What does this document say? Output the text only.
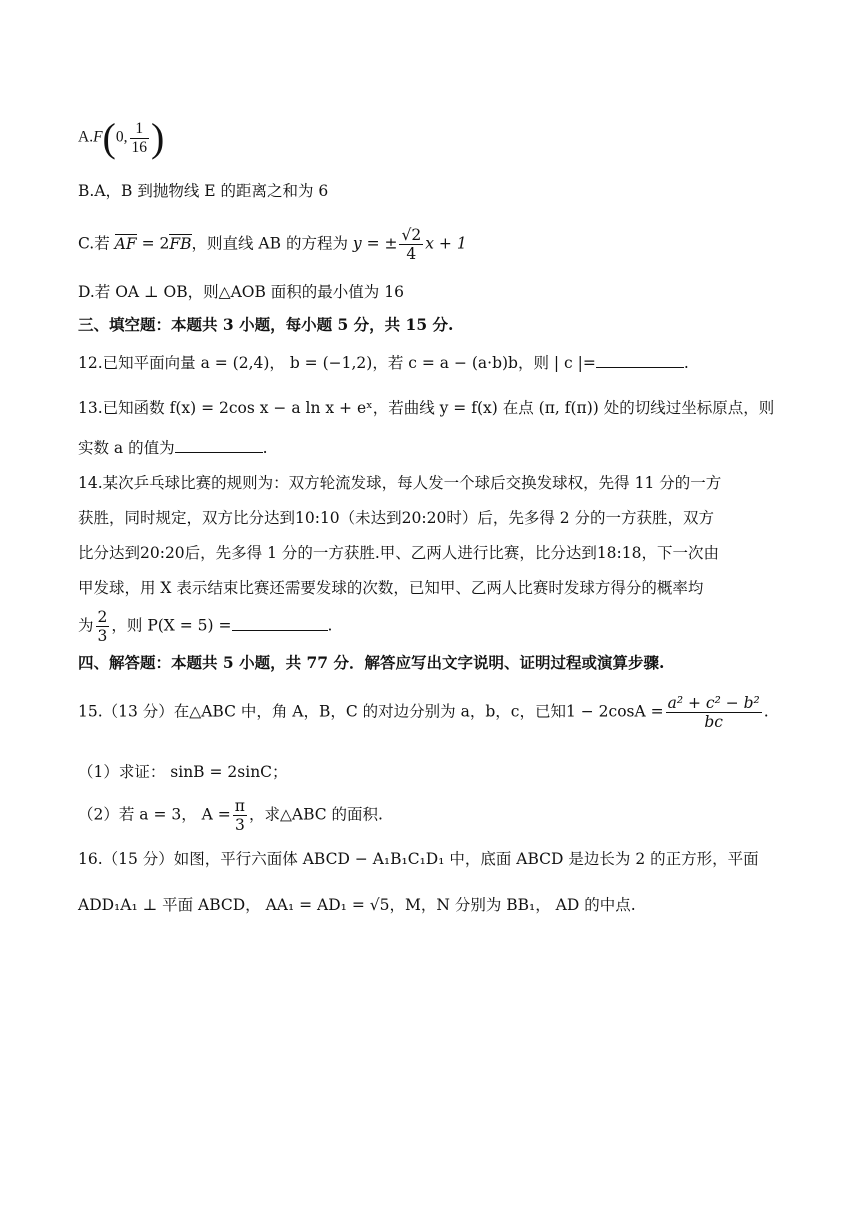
A.F(0, $\frac{1}{16}$ )
B.A，B 到抛物线 E 的距离之和为 6
C.若 AF = 2FB，则直线 AB 的方程为 y = ± $\frac{√2}{4}$ x + 1
D.若 OA ⊥ OB，则△AOB 面积的最小值为 16
三、填空题：本题共 3 小题，每小题 5 分，共 15 分.
12.已知平面向量 a = (2,4)， b = (−1,2)，若 c = a − (a·b)b，则 | c |=	.
13.已知函数 f(x) = 2cos x − a ln x + eˣ，若曲线 y = f(x) 在点 (π, f(π)) 处的切线过坐标原点，则
实数 a 的值为	.
14.某次乒乓球比赛的规则为：双方轮流发球，每人发一个球后交换发球权，先得 11 分的一方
获胜，同时规定，双方比分达到10:10（未达到20:20时）后，先多得 2 分的一方获胜，双方
比分达到20:20后，先多得 1 分的一方获胜.甲、乙两人进行比赛，比分达到18:18，下一次由
甲发球，用 X 表示结束比赛还需要发球的次数，已知甲、乙两人比赛时发球方得分的概率均
为 $\frac{2}{3}$ ，则 P(X = 5) =	.
四、解答题：本题共 5 小题，共 77 分．解答应写出文字说明、证明过程或演算步骤.
15.（13 分）在△ABC 中，角 A，B，C 的对边分别为 a，b，c，已知$1 - 2\cos A = \frac{\text{a² + c² − b²}}{bc}$ .
（1）求证： sinB = 2sinC；
（2）若 a = 3， $A = \frac{\pi}{3}$ ，求△ABC 的面积.
16.（15 分）如图，平行六面体 ABCD − A₁B₁C₁D₁ 中，底面 ABCD 是边长为 2 的正方形，平面
ADD₁A₁ ⊥ 平面 ABCD， AA₁ = AD₁ = √5，M，N 分别为 BB₁， AD 的中点.
